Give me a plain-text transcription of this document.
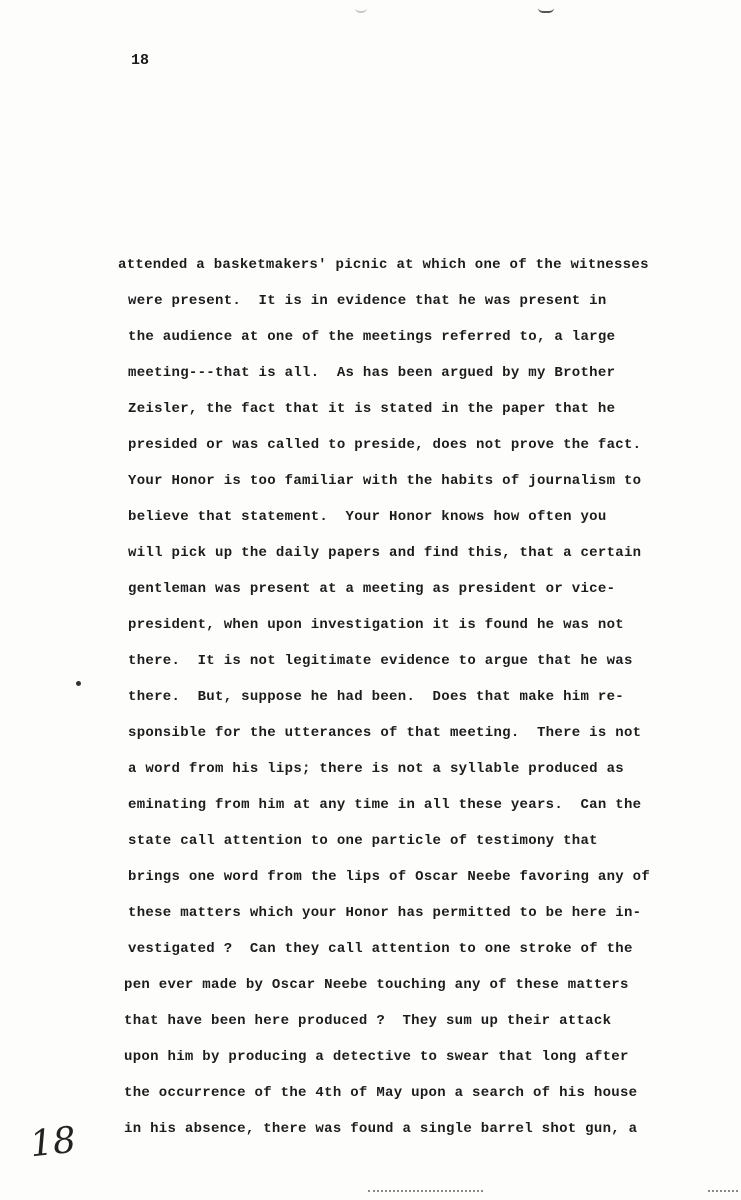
18
attended a basketmakers' picnic at which one of the witnesses
were present.  It is in evidence that he was present in
the audience at one of the meetings referred to, a large
meeting---that is all.  As has been argued by my Brother
Zeisler, the fact that it is stated in the paper that he
presided or was called to preside, does not prove the fact.
Your Honor is too familiar with the habits of journalism to
believe that statement.  Your Honor knows how often you
will pick up the daily papers and find this, that a certain
gentleman was present at a meeting as president or vice-
president, when upon investigation it is found he was not
there.  It is not legitimate evidence to argue that he was
there.  But, suppose he had been.  Does that make him re-
sponsible for the utterances of that meeting.  There is not
a word from his lips; there is not a syllable produced as
eminating from him at any time in all these years.  Can the
state call attention to one particle of testimony that
brings one word from the lips of Oscar Neebe favoring any of
these matters which your Honor has permitted to be here in-
vestigated ?  Can they call attention to one stroke of the
pen ever made by Oscar Neebe touching any of these matters
that have been here produced ?  They sum up their attack
upon him by producing a detective to swear that long after
the occurrence of the 4th of May upon a search of his house
in his absence, there was found a single barrel shot gun, a
18
